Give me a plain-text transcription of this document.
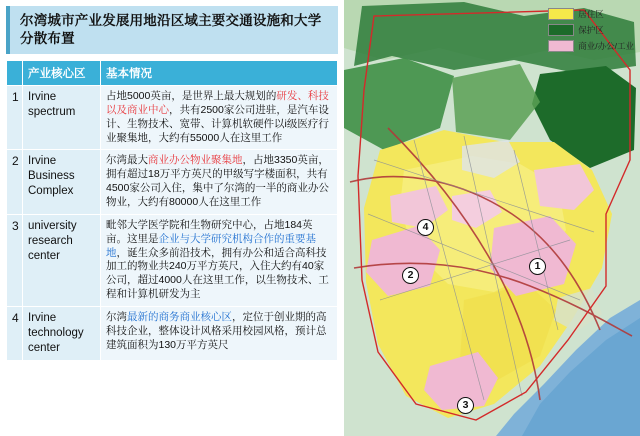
尔湾城市产业发展用地沿区域主要交通设施和大学分散布置
	产业核心区	基本情况
1	Irvine spectrum	占地5000英亩，是世界上最大规划的研发、科技以及商业中心，共有2500家公司进驻，是汽车设计、生物技术、宽带、计算机软硬件以i级医疗行业聚集地，大约有55000人在这里工作
2	Irvine Business Complex	尔湾最大商业办公物业聚集地，占地3350英亩，拥有超过18万平方英尺的甲级写字楼面积，共有4500家公司入住，集中了尔湾的一半的商业办公物业，大约有80000人在这里工作
3	university research center	毗邻大学医学院和生物研究中心，占地184英亩。这里是企业与大学研究机构合作的重要基地，诞生众多前沿技术，拥有办公和适合高科技加工的物业共240万平方英尺，入住大约有40家公司，超过4000人在这里工作，以生物技术、工程和计算机研发为主
4	Irvine technology center	尔湾最新的商务商业核心区，定位于创业期的高科技企业，整体设计风格采用校园风格，预计总建筑面积为130万平方英尺
居住区
保护区
商业/办公/工业
1
2
3
4
